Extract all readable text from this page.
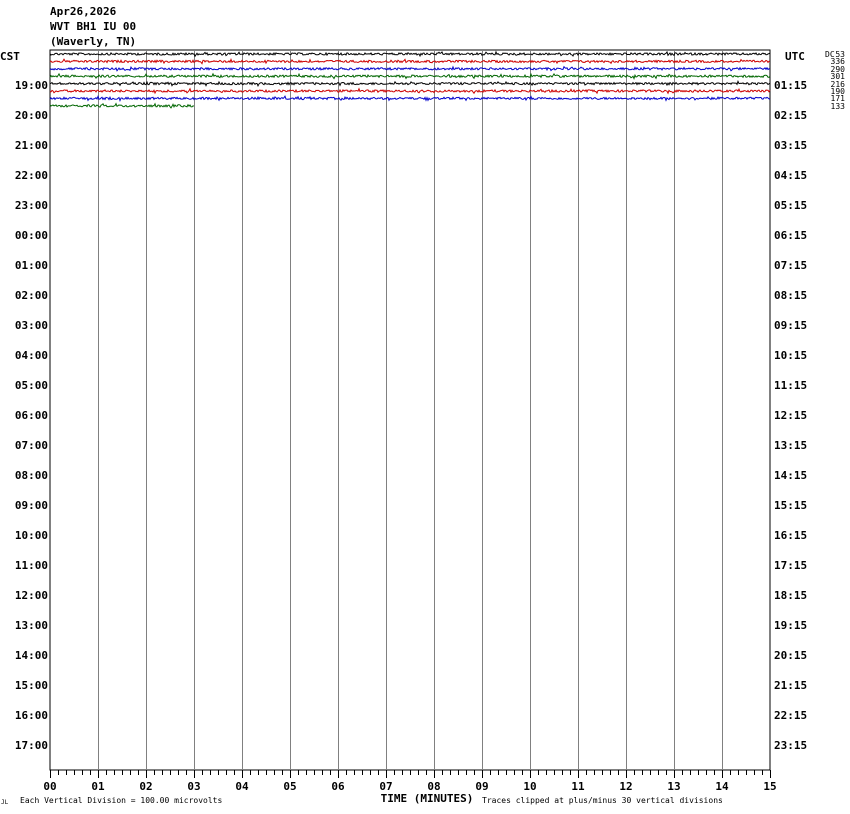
Apr26,2026
WVT BH1 IU 00
(Waverly, TN)
CST	UTC	DC
19:00
20:00
21:00
22:00
23:00
00:00
01:00
02:00
03:00
04:00
05:00
06:00
07:00
08:00
09:00
10:00
11:00
12:00
13:00
14:00
15:00
16:00
17:00
01:15
02:15
03:15
04:15
05:15
06:15
07:15
08:15
09:15
10:15
11:15
12:15
13:15
14:15
15:15
16:15
17:15
18:15
19:15
20:15
21:15
22:15
23:15
00	01	02	03	04	05	06	07	08	09	10	11	12	13	14	15
53
336
290
301
216
190
171
133
TIME (MINUTES)
JL Each Vertical Division = 100.00 microvolts	Traces clipped at plus/minus 30 vertical divisions
